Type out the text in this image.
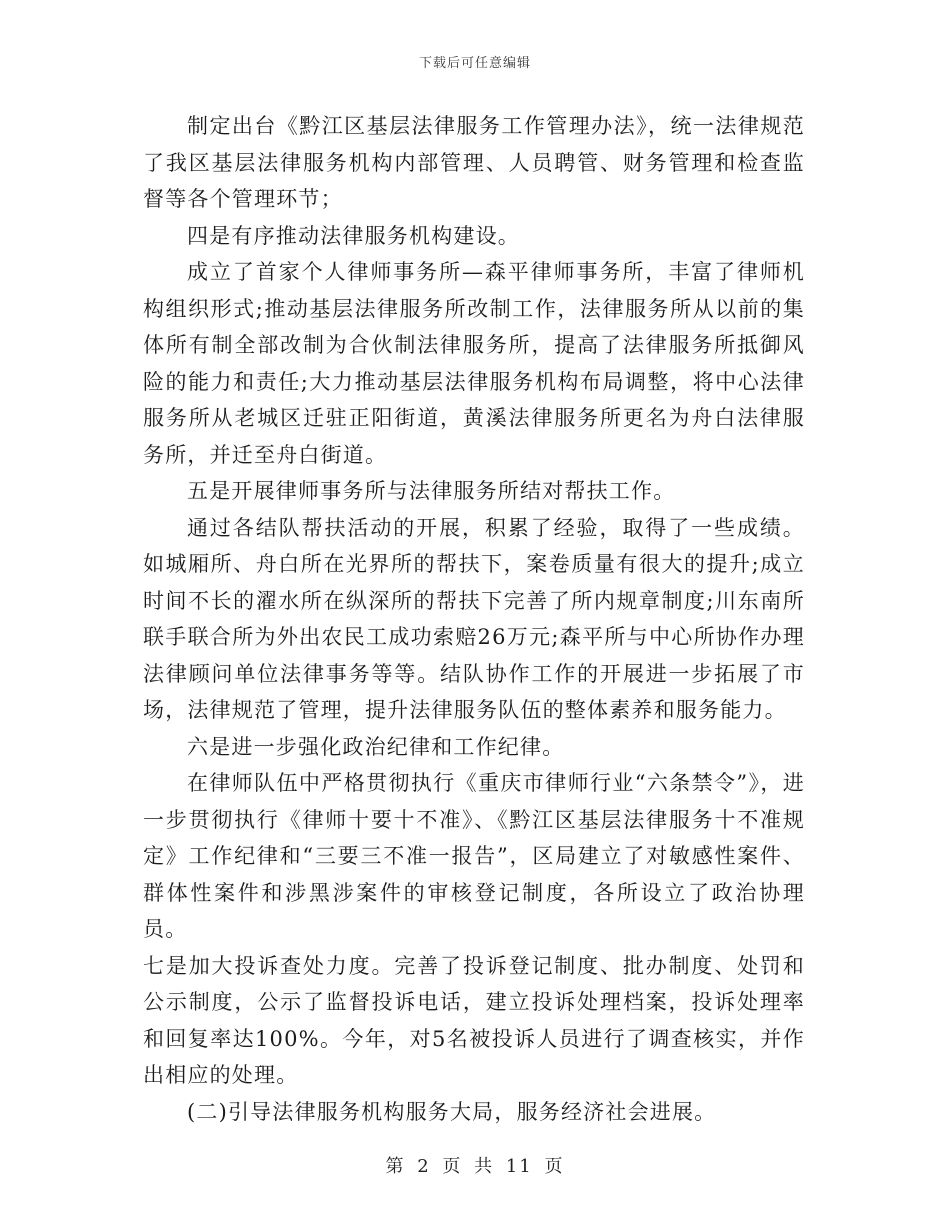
下载后可任意编辑

制定出台《黔江区基层法律服务工作管理办法》，统一法律规范了我区基层法律服务机构内部管理、人员聘管、财务管理和检查监督等各个管理环节；

四是有序推动法律服务机构建设。

成立了首家个人律师事务所—森平律师事务所，丰富了律师机构组织形式;推动基层法律服务所改制工作，法律服务所从以前的集体所有制全部改制为合伙制法律服务所，提高了法律服务所抵御风险的能力和责任;大力推动基层法律服务机构布局调整，将中心法律服务所从老城区迁驻正阳街道，黄溪法律服务所更名为舟白法律服务所，并迁至舟白街道。

五是开展律师事务所与法律服务所结对帮扶工作。

通过各结队帮扶活动的开展，积累了经验，取得了一些成绩。如城厢所、舟白所在光界所的帮扶下，案卷质量有很大的提升;成立时间不长的濯水所在纵深所的帮扶下完善了所内规章制度;川东南所联手联合所为外出农民工成功索赔26万元;森平所与中心所协作办理法律顾问单位法律事务等等。结队协作工作的开展进一步拓展了市场，法律规范了管理，提升法律服务队伍的整体素养和服务能力。

六是进一步强化政治纪律和工作纪律。

在律师队伍中严格贯彻执行《重庆市律师行业“六条禁令”》，进一步贯彻执行《律师十要十不准》、《黔江区基层法律服务十不准规定》工作纪律和“三要三不准一报告”，区局建立了对敏感性案件、群体性案件和涉黑涉案件的审核登记制度，各所设立了政治协理员。

七是加大投诉查处力度。完善了投诉登记制度、批办制度、处罚和公示制度，公示了监督投诉电话，建立投诉处理档案，投诉处理率和回复率达100%。今年，对5名被投诉人员进行了调查核实，并作出相应的处理。

(二)引导法律服务机构服务大局，服务经济社会进展。

第 2 页 共 11 页
